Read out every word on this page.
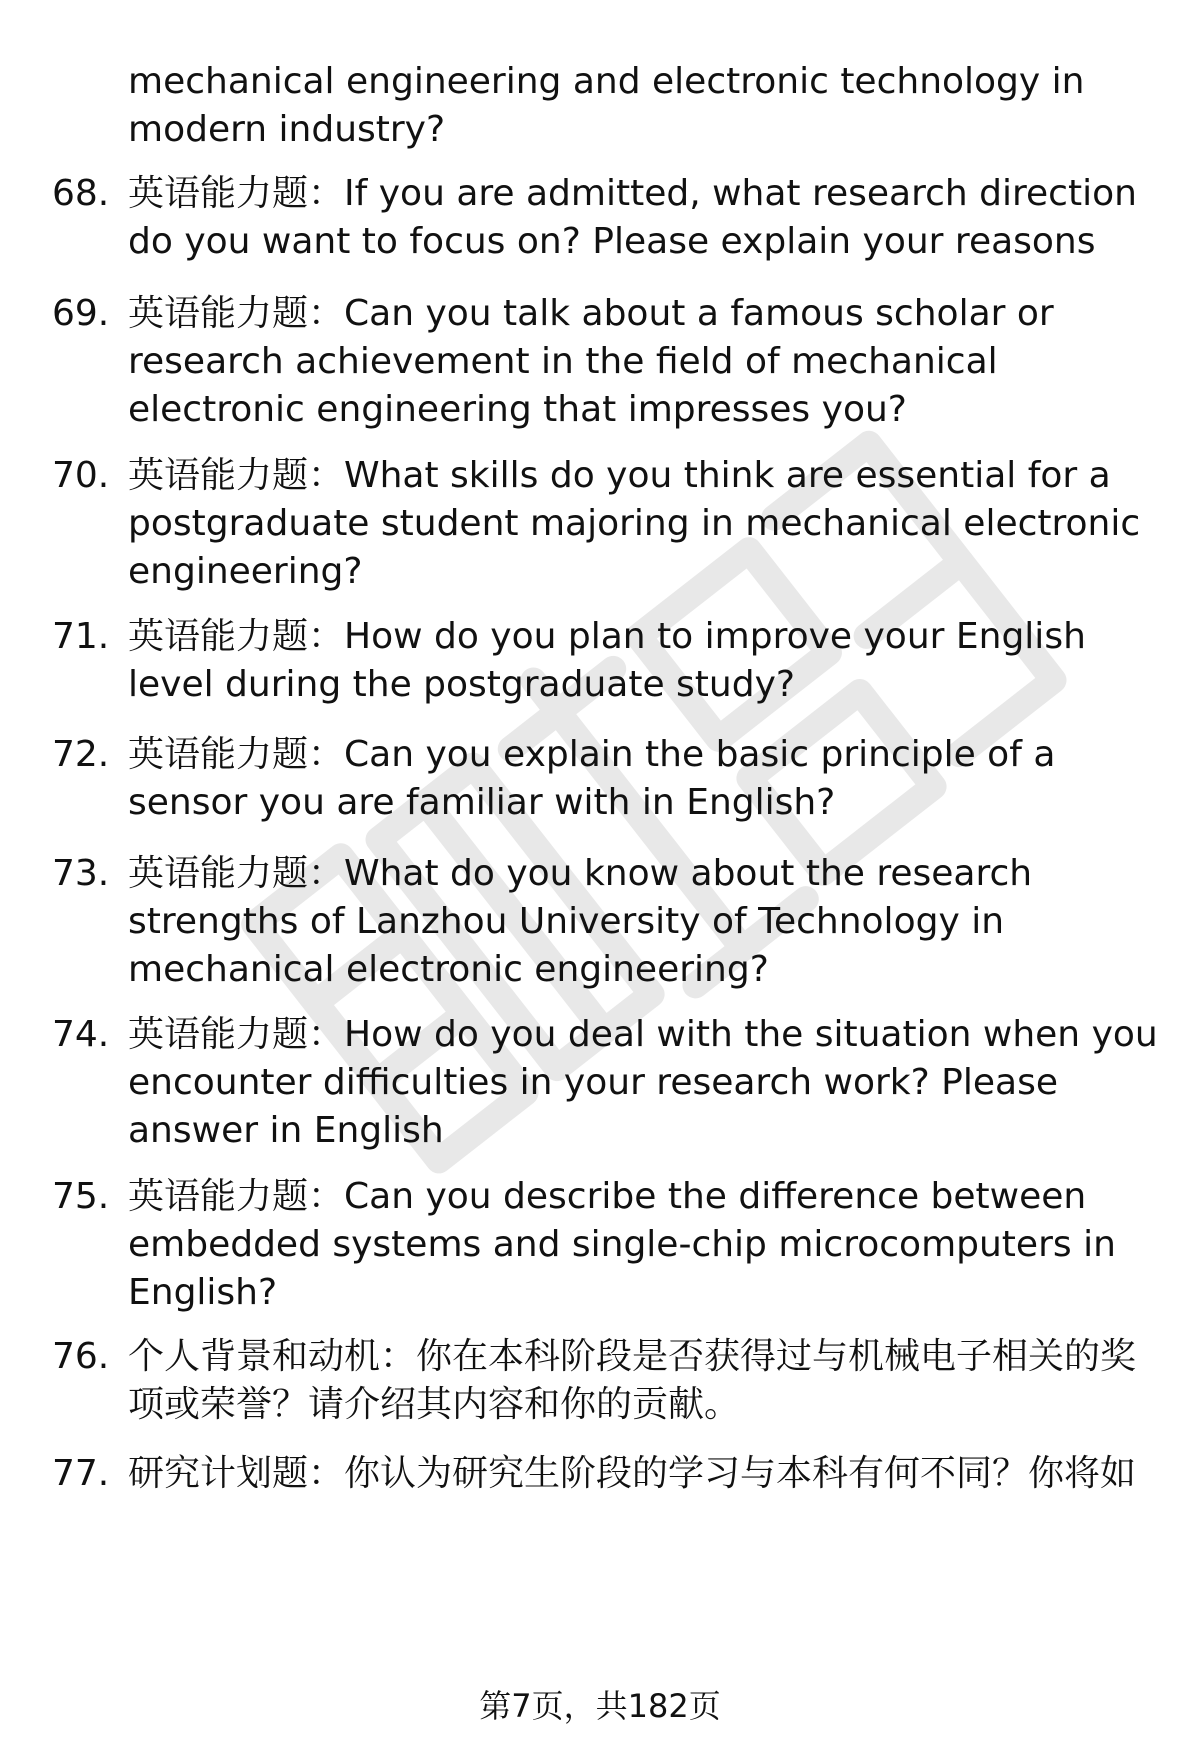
mechanical engineering and electronic technology in modern industry?

68. 英语能力题：If you are admitted, what research direction do you want to focus on? Please explain your reasons

69. 英语能力题：Can you talk about a famous scholar or research achievement in the field of mechanical electronic engineering that impresses you?

70. 英语能力题：What skills do you think are essential for a postgraduate student majoring in mechanical electronic engineering?

71. 英语能力题：How do you plan to improve your English level during the postgraduate study?

72. 英语能力题：Can you explain the basic principle of a sensor you are familiar with in English?

73. 英语能力题：What do you know about the research strengths of Lanzhou University of Technology in mechanical electronic engineering?

74. 英语能力题：How do you deal with the situation when you encounter difficulties in your research work? Please answer in English

75. 英语能力题：Can you describe the difference between embedded systems and single-chip microcomputers in English?

76. 个人背景和动机：你在本科阶段是否获得过与机械电子相关的奖项或荣誉？请介绍其内容和你的贡献。

77. 研究计划题：你认为研究生阶段的学习与本科有何不同？你将如

第7页，共182页
